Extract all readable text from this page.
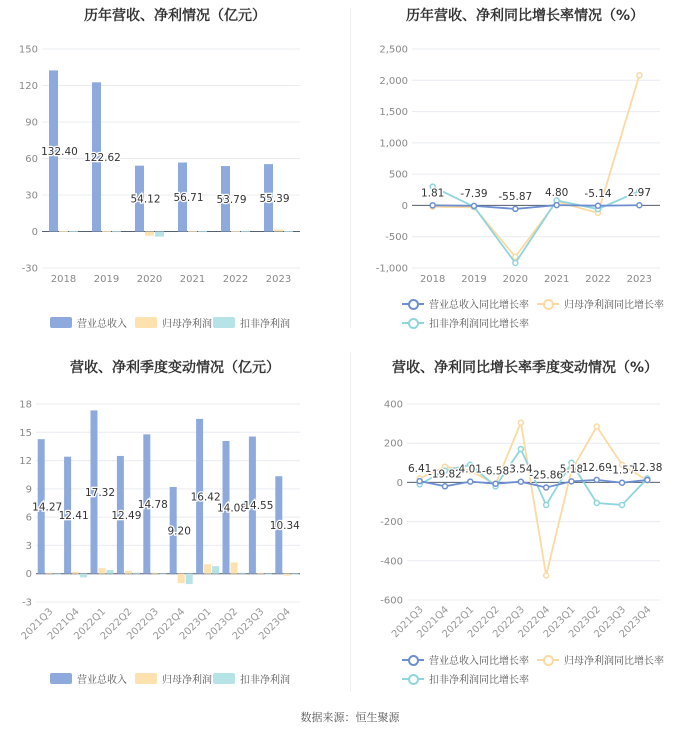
历年营收、净利情况（亿元）
-30
0
30
60
90
120
150
132.40 122.62
54.12 56.71 53.79 55.39
2018 2019 2020 2021 2022 2023
营业总收入	归母净利润	扣非净利润
历年营收、净利同比增长率情况（%）
-1,000
-500
0
500
1,000
1,500
2,000
2,500
1.81 -7.39 -55.87 4.80 -5.14 2.97
2018 2019 2020 2021 2022 2023
营业总收入同比增长率	归母净利润同比增长率
扣非净利润同比增长率
营收、净利季度变动情况（亿元）
-3
0
3
6
9
12
15
18
14.27
12.41
17.32
12.49
14.78
9.20
16.42
14.08
14.55
10.34
2021Q3
2021Q4
2022Q1
2022Q2
2022Q3
2022Q4
2023Q1
2023Q2
2023Q3
2023Q4
营业总收入	归母净利润	扣非净利润
营收、净利同比增长率季度变动情况（%）
-600
-400
-200
0
200
400
6.41
-19.82
4.01 -6.58 3.54
-25.86
5.18
12.69
-1.57
12.38
2021Q3
2021Q4
2022Q1
2022Q2
2022Q3
2022Q4
2023Q1
2023Q2
2023Q3
2023Q4
营业总收入同比增长率	归母净利润同比增长率
扣非净利润同比增长率
数据来源：恒生聚源
